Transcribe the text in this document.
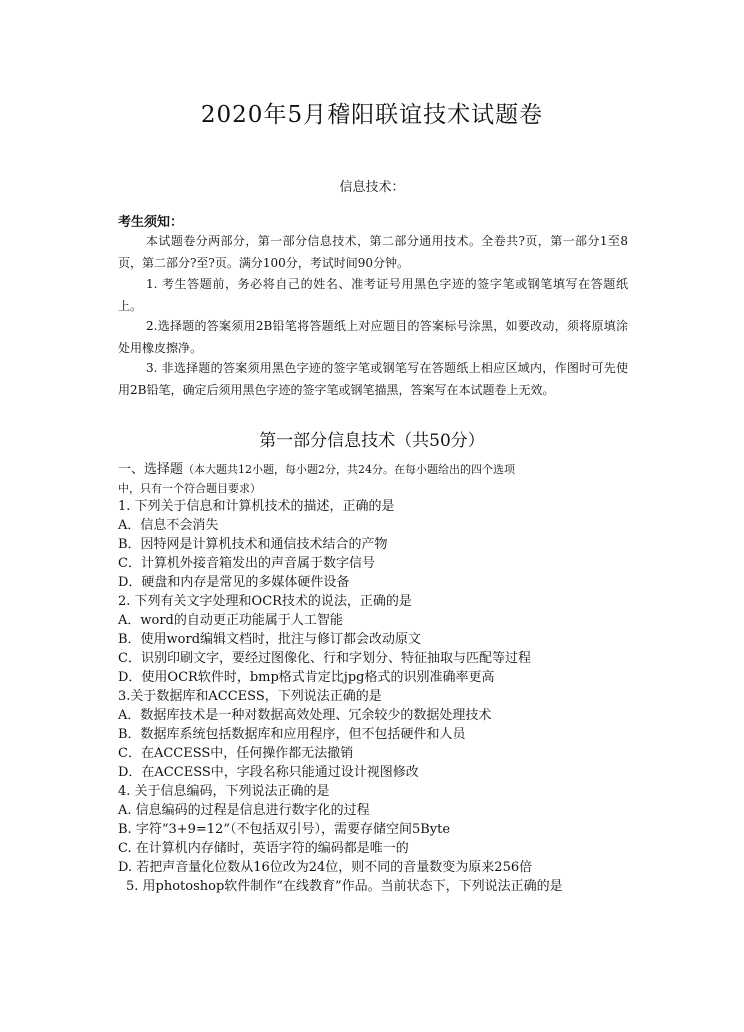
2020年5月稽阳联谊技术试题卷
信息技术：
考生须知：

本试题卷分两部分，第一部分信息技术，第二部分通用技术。全卷共?页，第一部分1至8页，第二部分?至?页。满分100分，考试时间90分钟。

1. 考生答题前，务必将自己的姓名、准考证号用黑色字迹的签字笔或钢笔填写在答题纸上。

2.选择题的答案须用2B铅笔将答题纸上对应题目的答案标号涂黑，如要改动，须将原填涂处用橡皮擦净。

3. 非选择题的答案须用黑色字迹的签字笔或钢笔写在答题纸上相应区域内，作图时可先使用2B铅笔，确定后须用黑色字迹的签字笔或钢笔描黑，答案写在本试题卷上无效。

第一部分信息技术（共50分）
一、选择题（本大题共12小题，每小题2分，共24分。在每小题给出的四个选项
中，只有一个符合题目要求）
1. 下列关于信息和计算机技术的描述，正确的是
A．信息不会消失
B．因特网是计算机技术和通信技术结合的产物
C．计算机外接音箱发出的声音属于数字信号
D．硬盘和内存是常见的多媒体硬件设备
2. 下列有关文字处理和OCR技术的说法，正确的是
A．word的自动更正功能属于人工智能
B．使用word编辑文档时，批注与修订都会改动原文
C．识别印刷文字，要经过图像化、行和字划分、特征抽取与匹配等过程
D．使用OCR软件时，bmp格式肯定比jpg格式的识别准确率更高
3.关于数据库和ACCESS，下列说法正确的是
A．数据库技术是一种对数据高效处理、冗余较少的数据处理技术
B．数据库系统包括数据库和应用程序，但不包括硬件和人员
C．在ACCESS中，任何操作都无法撤销
D．在ACCESS中，字段名称只能通过设计视图修改
4. 关于信息编码，下列说法正确的是
A. 信息编码的过程是信息进行数字化的过程
B. 字符“3+9=12”（不包括双引号），需要存储空间5Byte
C. 在计算机内存储时，英语字符的编码都是唯一的
D. 若把声音量化位数从16位改为24位，则不同的音量数变为原来256倍
5. 用photoshop软件制作“在线教育”作品。当前状态下，下列说法正确的是
